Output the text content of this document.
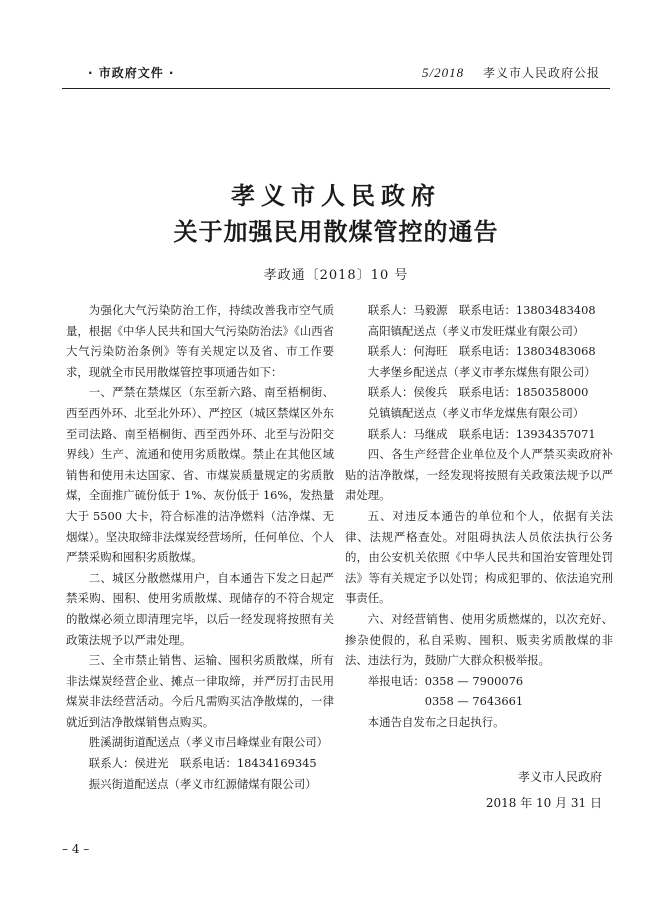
· 市政府文件 ·	5/2018 孝义市人民政府公报
孝义市人民政府
关于加强民用散煤管控的通告
孝政通〔2018〕10 号

为强化大气污染防治工作，持续改善我市空气质量，根据《中华人民共和国大气污染防治法》《山西省大气污染防治条例》等有关规定以及省、市工作要求，现就全市民用散煤管控事项通告如下：

一、严禁在禁煤区（东至新六路、南至梧桐街、西至西外环、北至北外环）、严控区（城区禁煤区外东至司法路、南至梧桐街、西至西外环、北至与汾阳交界线）生产、流通和使用劣质散煤。禁止在其他区域销售和使用未达国家、省、市煤炭质量规定的劣质散煤，全面推广硫份低于 1%、灰份低于 16%，发热量大于 5500 大卡，符合标准的洁净燃料（洁净煤、无烟煤）。坚决取缔非法煤炭经营场所，任何单位、个人严禁采购和囤积劣质散煤。

二、城区分散燃煤用户，自本通告下发之日起严禁采购、囤积、使用劣质散煤、现储存的不符合规定的散煤必须立即清理完毕，以后一经发现将按照有关政策法规予以严肃处理。

三、全市禁止销售、运输、囤积劣质散煤，所有非法煤炭经营企业、摊点一律取缔，并严厉打击民用煤炭非法经营活动。今后凡需购买洁净散煤的，一律就近到洁净散煤销售点购买。

胜溪湖街道配送点（孝义市吕峰煤业有限公司）

联系人：侯进光　联系电话：18434169345

振兴街道配送点（孝义市红源储煤有限公司）

联系人：马毅源　联系电话：13803483408

高阳镇配送点（孝义市发旺煤业有限公司）

联系人：何海旺　联系电话：13803483068

大孝堡乡配送点（孝义市孝东煤焦有限公司）

联系人：侯俊兵　联系电话：1850358000

兑镇镇配送点（孝义市华龙煤焦有限公司）

联系人：马继成　联系电话：13934357071

四、各生产经营企业单位及个人严禁买卖政府补贴的洁净散煤，一经发现将按照有关政策法规予以严肃处理。

五、对违反本通告的单位和个人，依据有关法律、法规严格查处。对阻碍执法人员依法执行公务的，由公安机关依照《中华人民共和国治安管理处罚法》等有关规定予以处罚；构成犯罪的、依法追究刑事责任。

六、对经营销售、使用劣质燃煤的，以次充好、掺杂使假的，私自采购、囤积、贩卖劣质散煤的非法、违法行为，鼓励广大群众积极举报。

举报电话：0358 — 7900076

　　　　　0358 — 7643661

本通告自发布之日起执行。

孝义市人民政府
2018 年 10 月 31 日
– 4 –
